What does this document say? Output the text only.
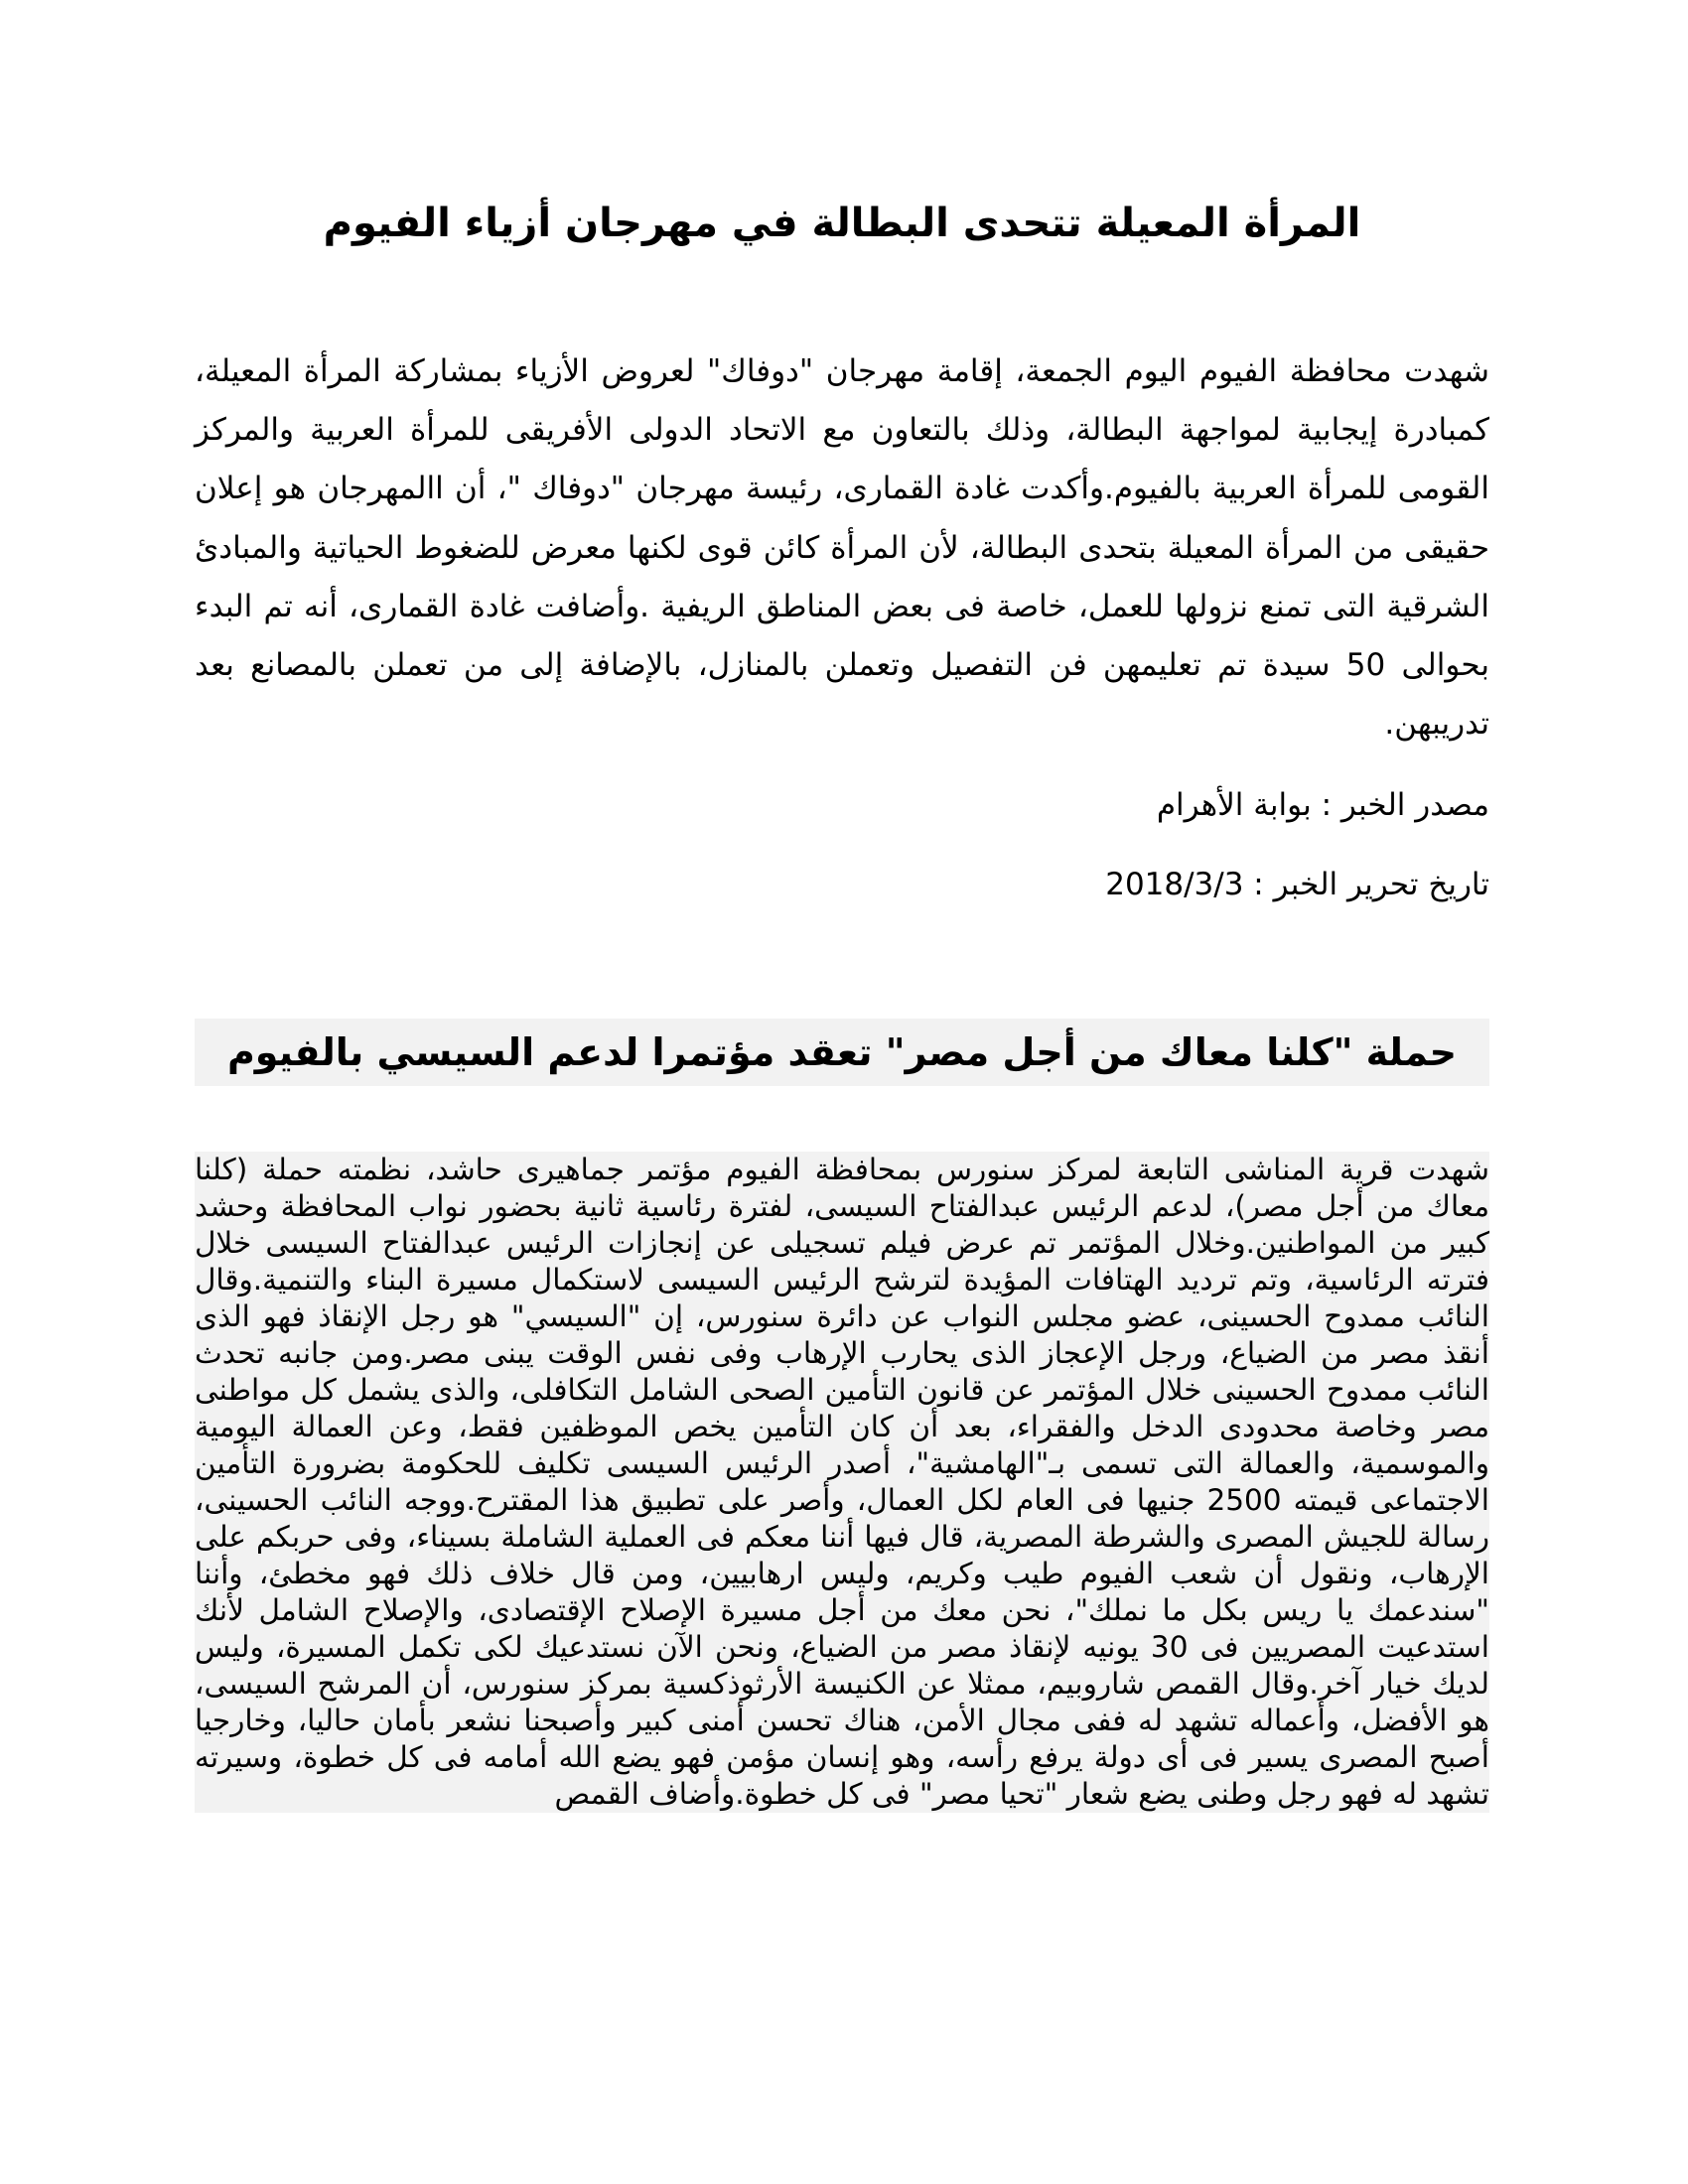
المرأة المعيلة تتحدى البطالة في مهرجان أزياء الفيوم

شهدت محافظة الفيوم اليوم الجمعة، إقامة مهرجان "دوفاك" لعروض الأزياء بمشاركة المرأة المعيلة، كمبادرة إيجابية لمواجهة البطالة، وذلك بالتعاون مع الاتحاد الدولى الأفريقى للمرأة العربية والمركز القومى للمرأة العربية بالفيوم.وأكدت غادة القمارى، رئيسة مهرجان "دوفاك "، أن االمهرجان هو إعلان حقيقى من المرأة المعيلة بتحدى البطالة، لأن المرأة كائن قوى لكنها معرض للضغوط الحياتية والمبادئ الشرقية التى تمنع نزولها للعمل، خاصة فى بعض المناطق الريفية .وأضافت غادة القمارى، أنه تم البدء بحوالى 50 سيدة تم تعليمهن فن التفصيل وتعملن بالمنازل، بالإضافة إلى من تعملن بالمصانع بعد تدريبهن.

مصدر الخبر : بوابة الأهرام

تاريخ تحرير الخبر : 2018/3/3

حملة "كلنا معاك من أجل مصر" تعقد مؤتمرا لدعم السيسي بالفيوم

شهدت قرية المناشى التابعة لمركز سنورس بمحافظة الفيوم مؤتمر جماهيرى حاشد، نظمته حملة (كلنا معاك من أجل مصر)، لدعم الرئيس عبدالفتاح السيسى، لفترة رئاسية ثانية بحضور نواب المحافظة وحشد كبير من المواطنين.وخلال المؤتمر تم عرض فيلم تسجيلى عن إنجازات الرئيس عبدالفتاح السيسى خلال فترته الرئاسية، وتم ترديد الهتافات المؤيدة لترشح الرئيس السيسى لاستكمال مسيرة البناء والتنمية.وقال النائب ممدوح الحسينى، عضو مجلس النواب عن دائرة سنورس، إن "السيسي" هو رجل الإنقاذ فهو الذى أنقذ مصر من الضياع، ورجل الإعجاز الذى يحارب الإرهاب وفى نفس الوقت يبنى مصر.ومن جانبه تحدث النائب ممدوح الحسينى خلال المؤتمر عن قانون التأمين الصحى الشامل التكافلى، والذى يشمل كل مواطنى مصر وخاصة محدودى الدخل والفقراء، بعد أن كان التأمين يخص الموظفين فقط، وعن العمالة اليومية والموسمية، والعمالة التى تسمى بـ"الهامشية"، أصدر الرئيس السيسى تكليف للحكومة بضرورة التأمين الاجتماعى قيمته 2500 جنيها فى العام لكل العمال، وأصر على تطبيق هذا المقترح.ووجه النائب الحسينى، رسالة للجيش المصرى والشرطة المصرية، قال فيها أننا معكم فى العملية الشاملة بسيناء، وفى حربكم على الإرهاب، ونقول أن شعب الفيوم طيب وكريم، وليس ارهابيين، ومن قال خلاف ذلك فهو مخطئ، وأننا "سندعمك يا ريس بكل ما نملك"، نحن معك من أجل مسيرة الإصلاح الإقتصادى، والإصلاح الشامل لأنك استدعيت المصريين فى 30 يونيه لإنقاذ مصر من الضياع، ونحن الآن نستدعيك لكى تكمل المسيرة، وليس لديك خيار آخر.وقال القمص شاروبيم، ممثلا عن الكنيسة الأرثوذكسية بمركز سنورس، أن المرشح السيسى، هو الأفضل، وأعماله تشهد له ففى مجال الأمن، هناك تحسن أمنى كبير وأصبحنا نشعر بأمان حاليا، وخارجيا أصبح المصرى يسير فى أى دولة يرفع رأسه، وهو إنسان مؤمن فهو يضع الله أمامه فى كل خطوة، وسيرته تشهد له فهو رجل وطنى يضع شعار "تحيا مصر" فى كل خطوة.وأضاف القمص
